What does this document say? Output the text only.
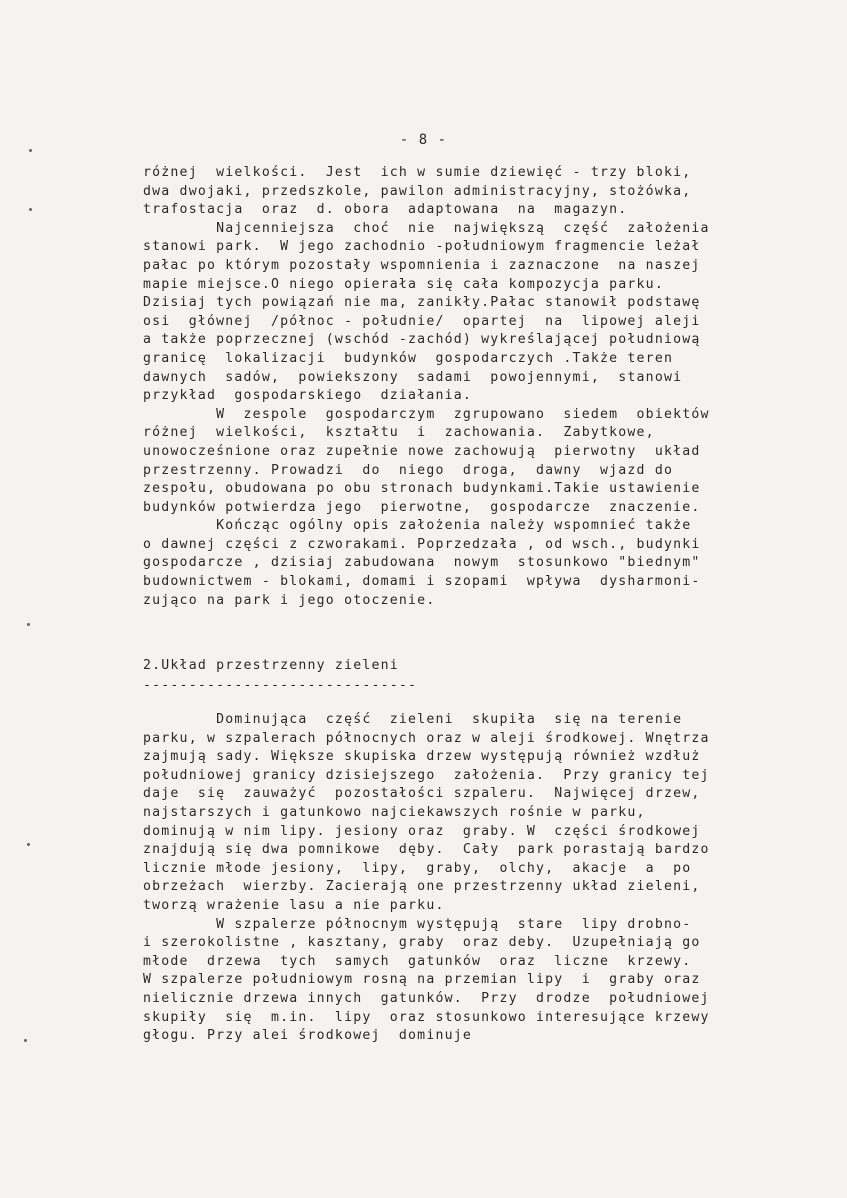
- 8 -
różnej  wielkości.  Jest  ich w sumie dziewięć - trzy bloki,
dwa dwojaki, przedszkole, pawilon administracyjny, stożówka,
trafostacja  oraz  d. obora  adaptowana  na  magazyn.
Najcenniejsza  choć  nie  największą  część  założenia
stanowi park.  W jego zachodnio -południowym fragmencie leżał
pałac po którym pozostały wspomnienia i zaznaczone  na naszej
mapie miejsce.O niego opierała się cała kompozycja parku.
Dzisiaj tych powiązań nie ma, zanikły.Pałac stanowił podstawę
osi  głównej  /północ - południe/  opartej  na  lipowej aleji
a także poprzecznej (wschód -zachód) wykreślającej południową
granicę  lokalizacji  budynków  gospodarczych .Także teren
dawnych  sadów,  powiekszony  sadami  powojennymi,  stanowi
przykład  gospodarskiego  działania.
W  zespole  gospodarczym  zgrupowano  siedem  obiektów
różnej  wielkości,  kształtu  i  zachowania.  Zabytkowe,
unowocześnione oraz zupełnie nowe zachowują  pierwotny  układ
przestrzenny. Prowadzi  do  niego  droga,  dawny  wjazd do
zespołu, obudowana po obu stronach budynkami.Takie ustawienie
budynków potwierdza jego  pierwotne,  gospodarcze  znaczenie.
Kończąc ogólny opis założenia należy wspomnieć także
o dawnej części z czworakami. Poprzedzała , od wsch., budynki
gospodarcze , dzisiaj zabudowana  nowym  stosunkowo "biednym"
budownictwem - blokami, domami i szopami  wpływa  dysharmoni-
zująco na park i jego otoczenie.
2.Układ przestrzenny zieleni
------------------------------
Dominująca  część  zieleni  skupiła  się na terenie
parku, w szpalerach północnych oraz w aleji środkowej. Wnętrza
zajmują sady. Większe skupiska drzew występują również wzdłuż
południowej granicy dzisiejszego  założenia.  Przy granicy tej
daje  się  zauważyć  pozostałości szpaleru.  Najwięcej drzew,
najstarszych i gatunkowo najciekawszych rośnie w parku,
dominują w nim lipy. jesiony oraz  graby. W  części środkowej
znajdują się dwa pomnikowe  dęby.  Cały  park porastają bardzo
licznie młode jesiony,  lipy,  graby,  olchy,  akacje  a  po
obrzeżach  wierzby. Zacierają one przestrzenny układ zieleni,
tworzą wrażenie lasu a nie parku.
W szpalerze północnym występują  stare  lipy drobno-
i szerokolistne , kasztany, graby  oraz deby.  Uzupełniają go
młode  drzewa  tych  samych  gatunków  oraz  liczne  krzewy.
W szpalerze południowym rosną na przemian lipy  i  graby oraz
nielicznie drzewa innych  gatunków.  Przy  drodze  południowej
skupiły  się  m.in.  lipy  oraz stosunkowo interesujące krzewy
głogu. Przy alei środkowej  dominuje
